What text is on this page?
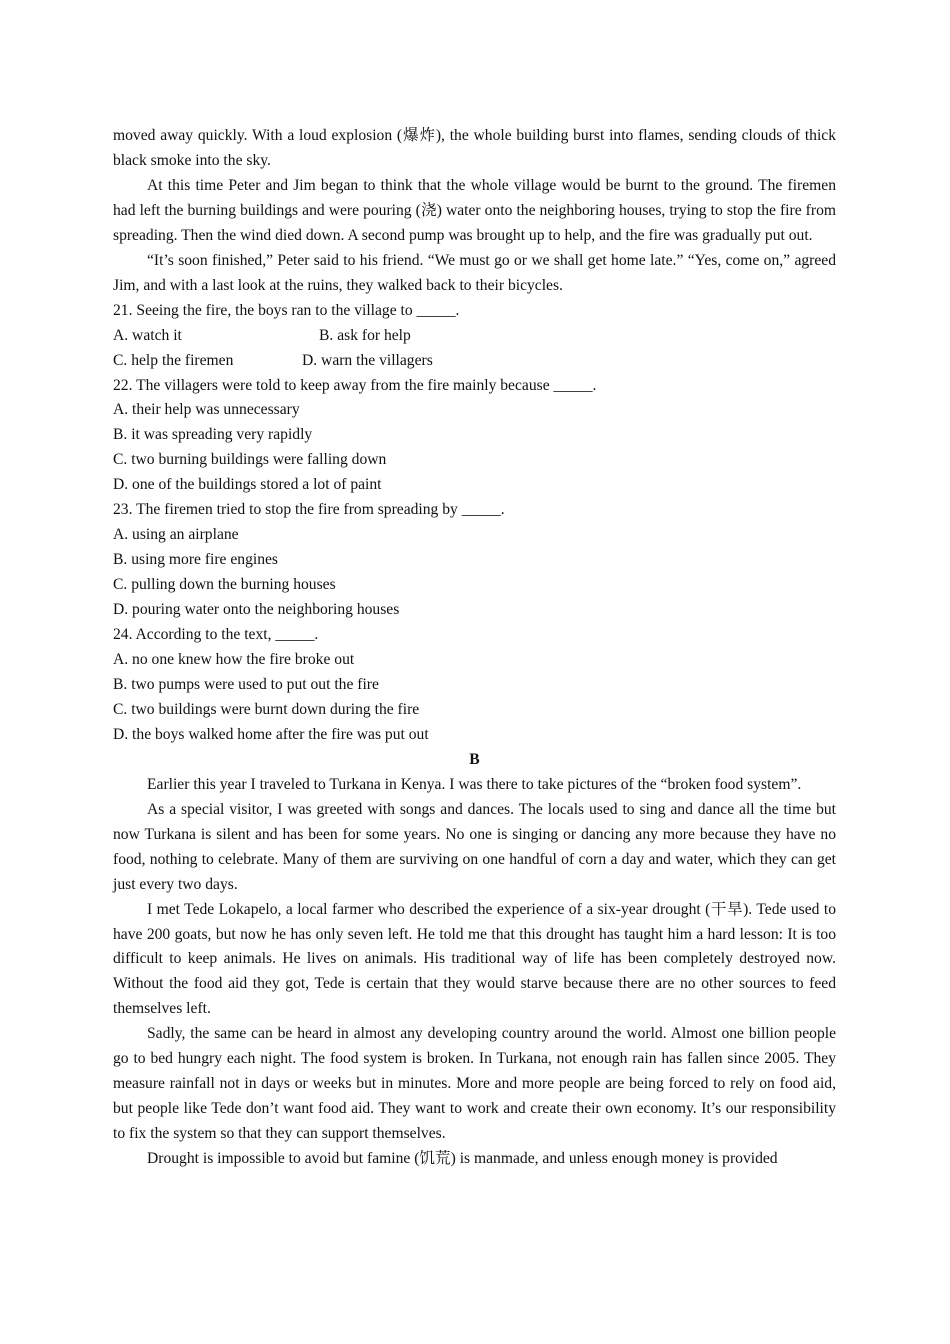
moved away quickly. With a loud explosion (爆炸), the whole building burst into flames, sending clouds of thick black smoke into the sky.

At this time Peter and Jim began to think that the whole village would be burnt to the ground. The firemen had left the burning buildings and were pouring (浇) water onto the neighboring houses, trying to stop the fire from spreading. Then the wind died down. A second pump was brought up to help, and the fire was gradually put out.

“It’s soon finished,” Peter said to his friend. “We must go or we shall get home late.” “Yes, come on,” agreed Jim, and with a last look at the ruins, they walked back to their bicycles.

21. Seeing the fire, the boys ran to the village to _____.

A. watch it	B. ask for help
C. help the firemen	D. warn the villagers

22. The villagers were told to keep away from the fire mainly because _____.

A. their help was unnecessary

B. it was spreading very rapidly

C. two burning buildings were falling down

D. one of the buildings stored a lot of paint

23. The firemen tried to stop the fire from spreading by _____.

A. using an airplane

B. using more fire engines

C. pulling down the burning houses

D. pouring water onto the neighboring houses

24. According to the text, _____.

A. no one knew how the fire broke out

B. two pumps were used to put out the fire

C. two buildings were burnt down during the fire

D. the boys walked home after the fire was put out

B

Earlier this year I traveled to Turkana in Kenya. I was there to take pictures of the “broken food system”.

As a special visitor, I was greeted with songs and dances. The locals used to sing and dance all the time but now Turkana is silent and has been for some years. No one is singing or dancing any more because they have no food, nothing to celebrate. Many of them are surviving on one handful of corn a day and water, which they can get just every two days.

I met Tede Lokapelo, a local farmer who described the experience of a six-year drought (干旱). Tede used to have 200 goats, but now he has only seven left. He told me that this drought has taught him a hard lesson: It is too difficult to keep animals. He lives on animals. His traditional way of life has been completely destroyed now. Without the food aid they got, Tede is certain that they would starve because there are no other sources to feed themselves left.

Sadly, the same can be heard in almost any developing country around the world. Almost one billion people go to bed hungry each night. The food system is broken. In Turkana, not enough rain has fallen since 2005. They measure rainfall not in days or weeks but in minutes. More and more people are being forced to rely on food aid, but people like Tede don’t want food aid. They want to work and create their own economy. It’s our responsibility to fix the system so that they can support themselves.

Drought is impossible to avoid but famine (饥荒) is manmade, and unless enough money is provided
